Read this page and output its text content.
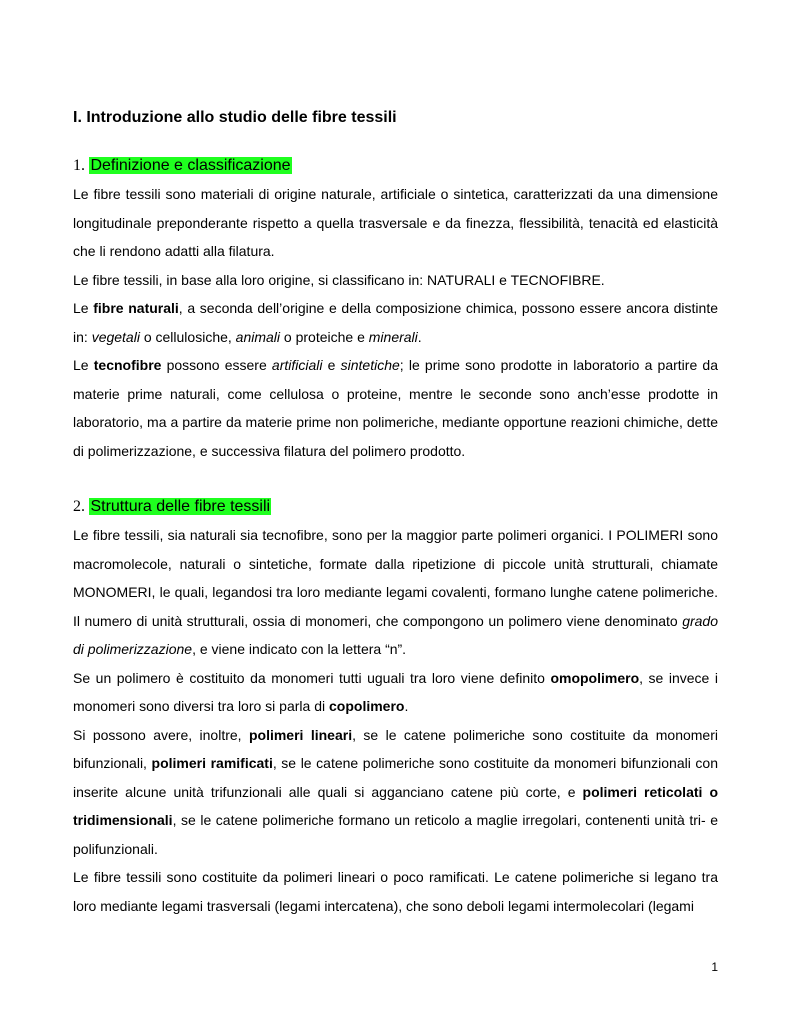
I. Introduzione allo studio delle fibre tessili
1. Definizione e classificazione

Le fibre tessili sono materiali di origine naturale, artificiale o sintetica, caratterizzati da una dimensione longitudinale preponderante rispetto a quella trasversale e da finezza, flessibilità, tenacità ed elasticità che li rendono adatti alla filatura.

Le fibre tessili, in base alla loro origine, si classificano in: NATURALI e TECNOFIBRE.

Le fibre naturali, a seconda dell’origine e della composizione chimica, possono essere ancora distinte in: vegetali o cellulosiche, animali o proteiche e minerali.

Le tecnofibre possono essere artificiali e sintetiche; le prime sono prodotte in laboratorio a partire da materie prime naturali, come cellulosa o proteine, mentre le seconde sono anch’esse prodotte in laboratorio, ma a partire da materie prime non polimeriche, mediante opportune reazioni chimiche, dette di polimerizzazione, e successiva filatura del polimero prodotto.

2. Struttura delle fibre tessili

Le fibre tessili, sia naturali sia tecnofibre, sono per la maggior parte polimeri organici. I POLIMERI sono macromolecole, naturali o sintetiche, formate dalla ripetizione di piccole unità strutturali, chiamate MONOMERI, le quali, legandosi tra loro mediante legami covalenti, formano lunghe catene polimeriche. Il numero di unità strutturali, ossia di monomeri, che compongono un polimero viene denominato grado di polimerizzazione, e viene indicato con la lettera “n”.

Se un polimero è costituito da monomeri tutti uguali tra loro viene definito omopolimero, se invece i monomeri sono diversi tra loro si parla di copolimero.

Si possono avere, inoltre, polimeri lineari, se le catene polimeriche sono costituite da monomeri bifunzionali, polimeri ramificati, se le catene polimeriche sono costituite da monomeri bifunzionali con inserite alcune unità trifunzionali alle quali si agganciano catene più corte, e polimeri reticolati o tridimensionali, se le catene polimeriche formano un reticolo a maglie irregolari, contenenti unità tri- e polifunzionali.

Le fibre tessili sono costituite da polimeri lineari o poco ramificati. Le catene polimeriche si legano tra loro mediante legami trasversali (legami intercatena), che sono deboli legami intermolecolari (legami

1
